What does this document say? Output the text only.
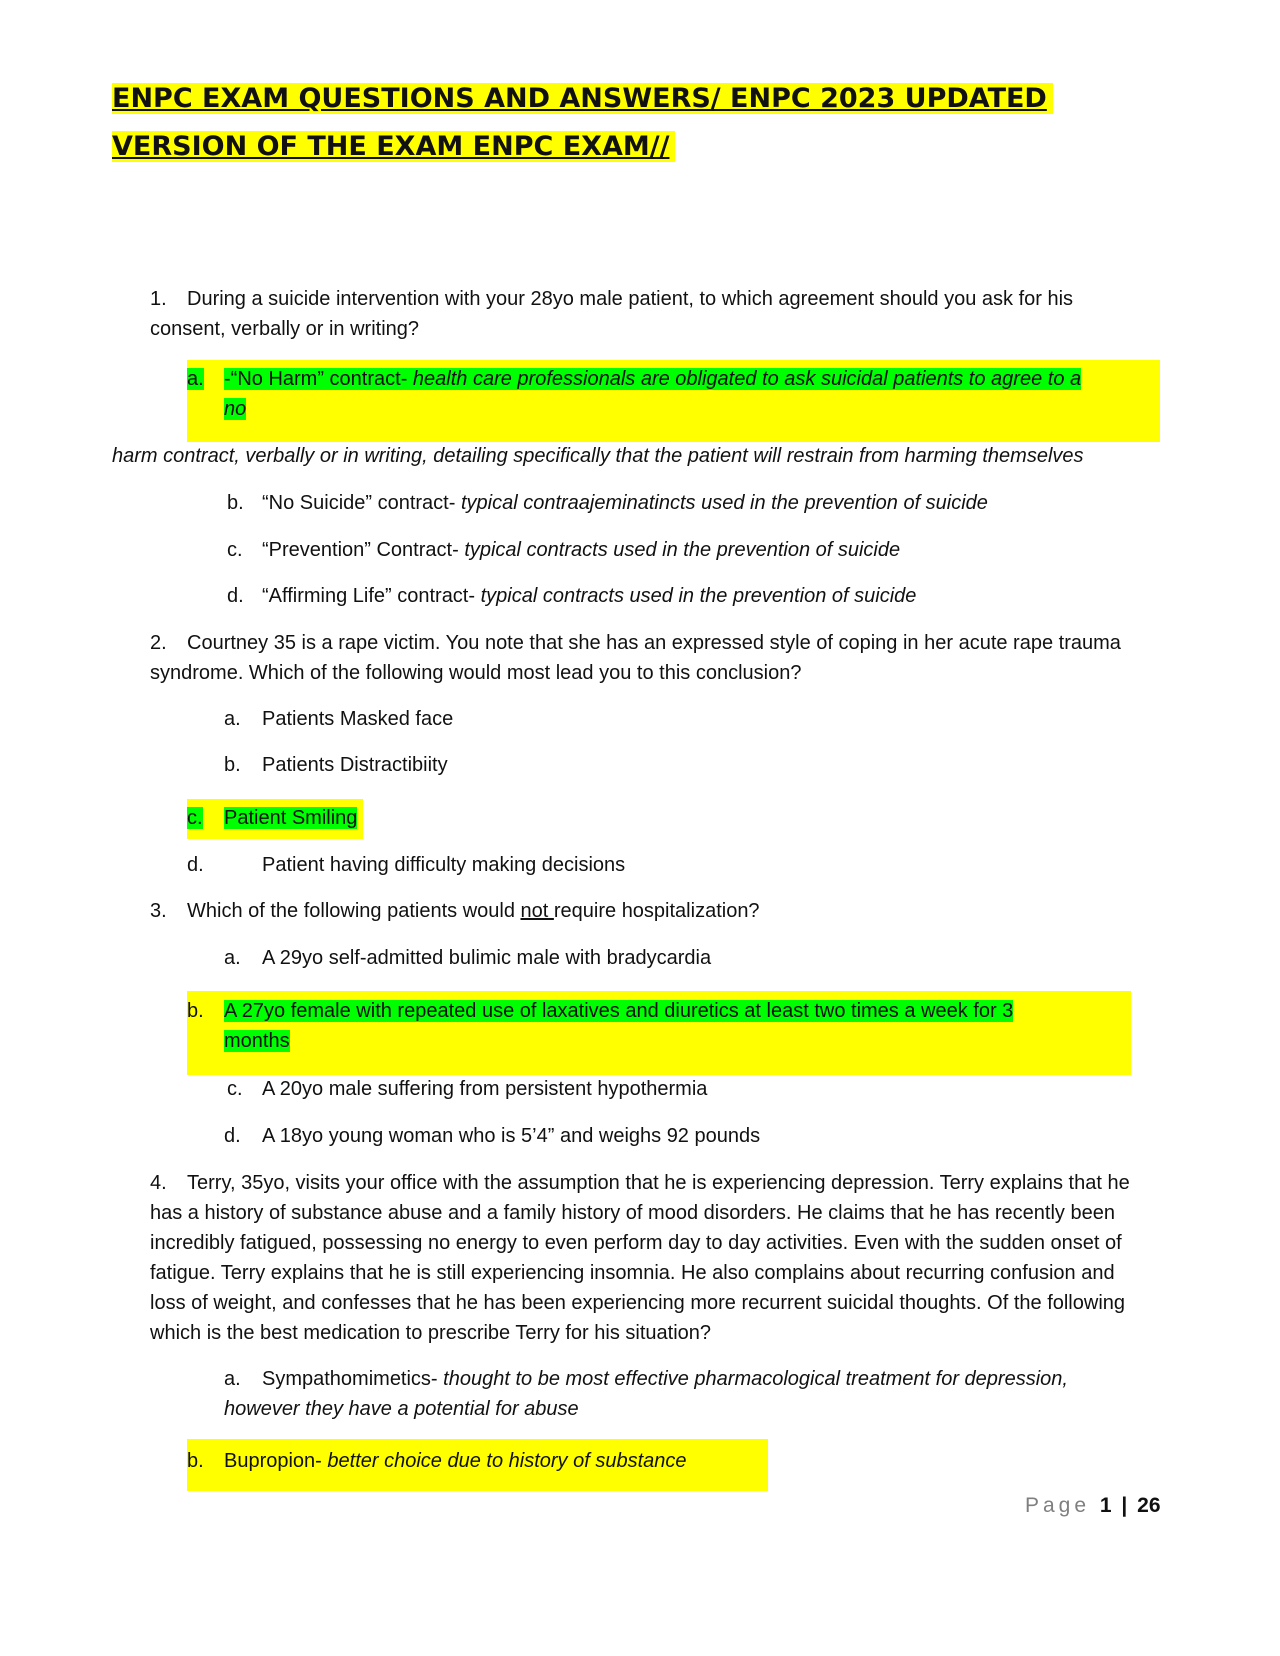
ENPC EXAM QUESTIONS AND ANSWERS/ ENPC 2023 UPDATED
VERSION OF THE EXAM ENPC EXAM//
1. During a suicide intervention with your 28yo male patient, to which agreement should you ask for his
consent, verbally or in writing?
a. -“No Harm” contract- health care professionals are obligated to ask suicidal patients to agree to a
no
harm contract, verbally or in writing, detailing specifically that the patient will restrain from harming themselves
b. “No Suicide” contract- typical contraajeminatincts used in the prevention of suicide
c. “Prevention” Contract- typical contracts used in the prevention of suicide
d. “Affirming Life” contract- typical contracts used in the prevention of suicide
2. Courtney 35 is a rape victim. You note that she has an expressed style of coping in her acute rape trauma
syndrome. Which of the following would most lead you to this conclusion?
a. Patients Masked face
b. Patients Distractibiity
c. Patient Smiling
d.	Patient having difficulty making decisions
3. Which of the following patients would not require hospitalization?
a. A 29yo self-admitted bulimic male with bradycardia
b. A 27yo female with repeated use of laxatives and diuretics at least two times a week for 3
months
c. A 20yo male suffering from persistent hypothermia
d. A 18yo young woman who is 5’4” and weighs 92 pounds
4. Terry, 35yo, visits your office with the assumption that he is experiencing depression. Terry explains that he
has a history of substance abuse and a family history of mood disorders. He claims that he has recently been
incredibly fatigued, possessing no energy to even perform day to day activities. Even with the sudden onset of
fatigue. Terry explains that he is still experiencing insomnia. He also complains about recurring confusion and
loss of weight, and confesses that he has been experiencing more recurrent suicidal thoughts. Of the following
which is the best medication to prescribe Terry for his situation?
a. Sympathomimetics- thought to be most effective pharmacological treatment for depression,
however they have a potential for abuse
b. Bupropion- better choice due to history of substance
Page 1 | 26
